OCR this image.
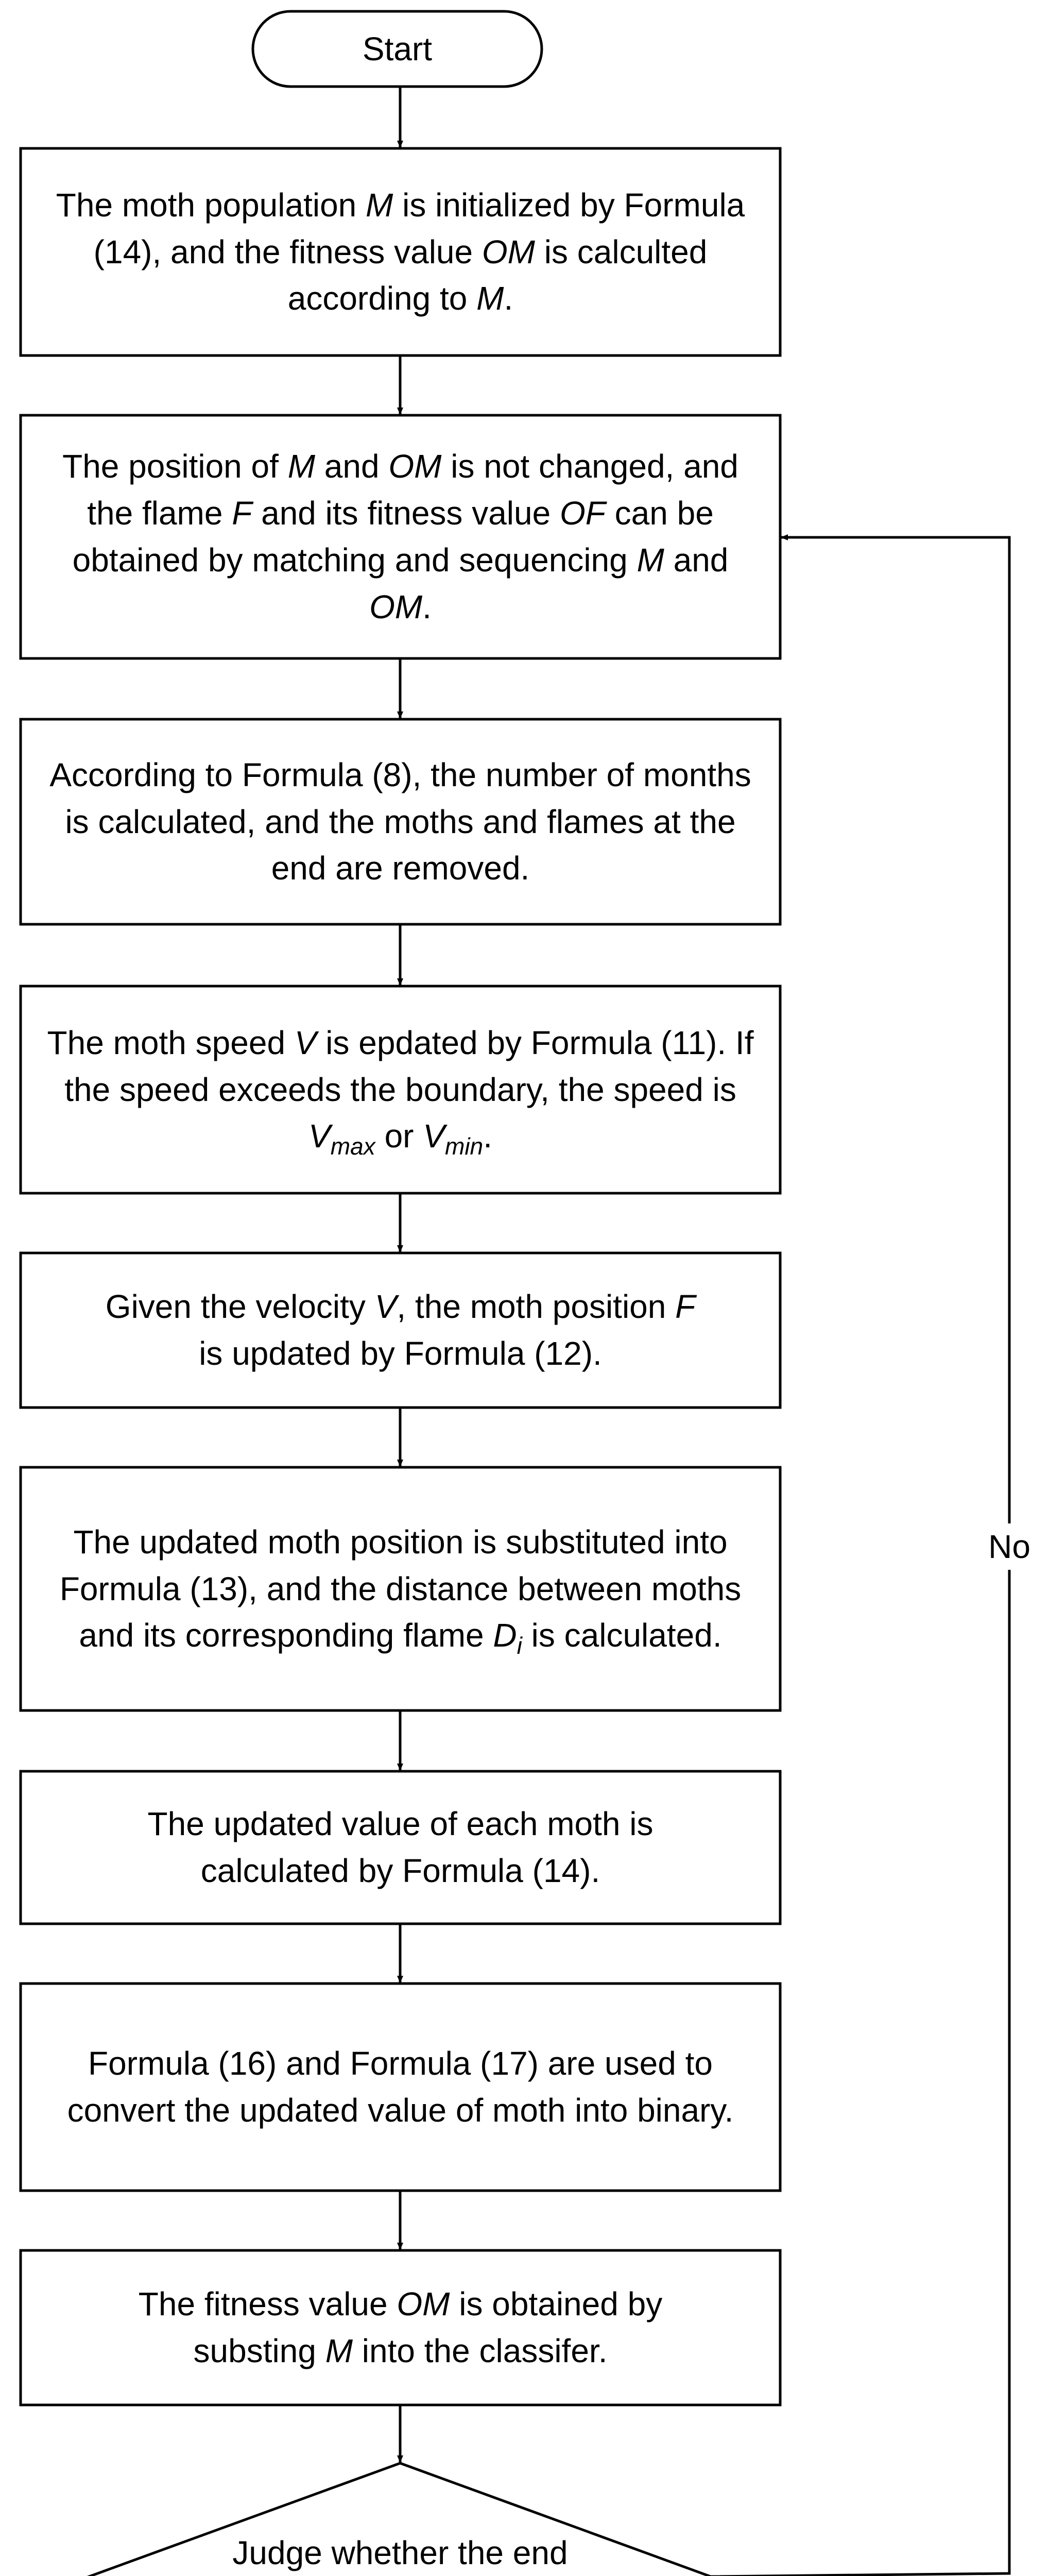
Start
The moth population M is initialized by Formula (14), and the fitness value OM is calculted according to M.
The position of M and OM is not changed, and the flame F and its fitness value OF can be obtained by matching and sequencing M and OM.
According to Formula (8), the number of months is calculated, and the moths and flames at the end are removed.
The moth speed V is epdated by Formula (11). If the speed exceeds the boundary, the speed is $V_{max}$ or $V_{min}$.
Given the velocity V, the moth position F is updated by Formula (12).
The updated moth position is substituted into Formula (13), and the distance between moths and its corresponding flame $D_i$ is calculated.
The updated value of each moth is calculated by Formula (14).
Formula (16) and Formula (17) are used to convert the updated value of moth into binary.
The fitness value OM is obtained by substing M into the classifer.
Judge whether the end
No
